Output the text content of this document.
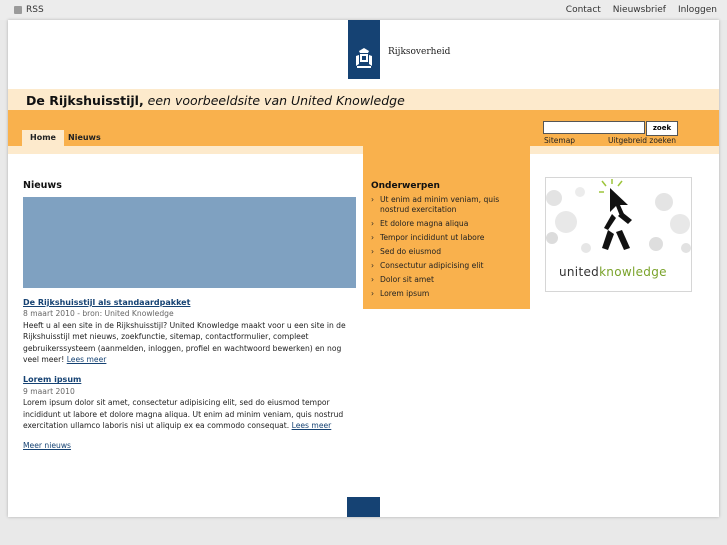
RSS	Contact Nieuwsbrief Inloggen
Rijksoverheid
De Rijkshuisstijl, een voorbeeldsite van United Knowledge
Home	Nieuws
zoek
Sitemap	Uitgebreid zoeken
Nieuws
De Rijkshuisstijl als standaardpakket
8 maart 2010 - bron: United Knowledge
Heeft u al een site in de Rijkshuisstijl? United Knowledge maakt voor u een site in de Rijkshuisstijl met nieuws, zoekfunctie, sitemap, contactformulier, compleet gebruikerssysteem (aanmelden, inloggen, profiel en wachtwoord bewerken) en nog veel meer! Lees meer
Lorem ipsum
9 maart 2010
Lorem ipsum dolor sit amet, consectetur adipisicing elit, sed do eiusmod tempor incididunt ut labore et dolore magna aliqua. Ut enim ad minim veniam, quis nostrud exercitation ullamco laboris nisi ut aliquip ex ea commodo consequat. Lees meer
Meer nieuws
Onderwerpen
› Ut enim ad minim veniam, quis nostrud exercitation
› Et dolore magna aliqua
› Tempor incididunt ut labore
› Sed do eiusmod
› Consectutur adipicising elit
› Dolor sit amet
› Lorem ipsum
unitedknowledge
